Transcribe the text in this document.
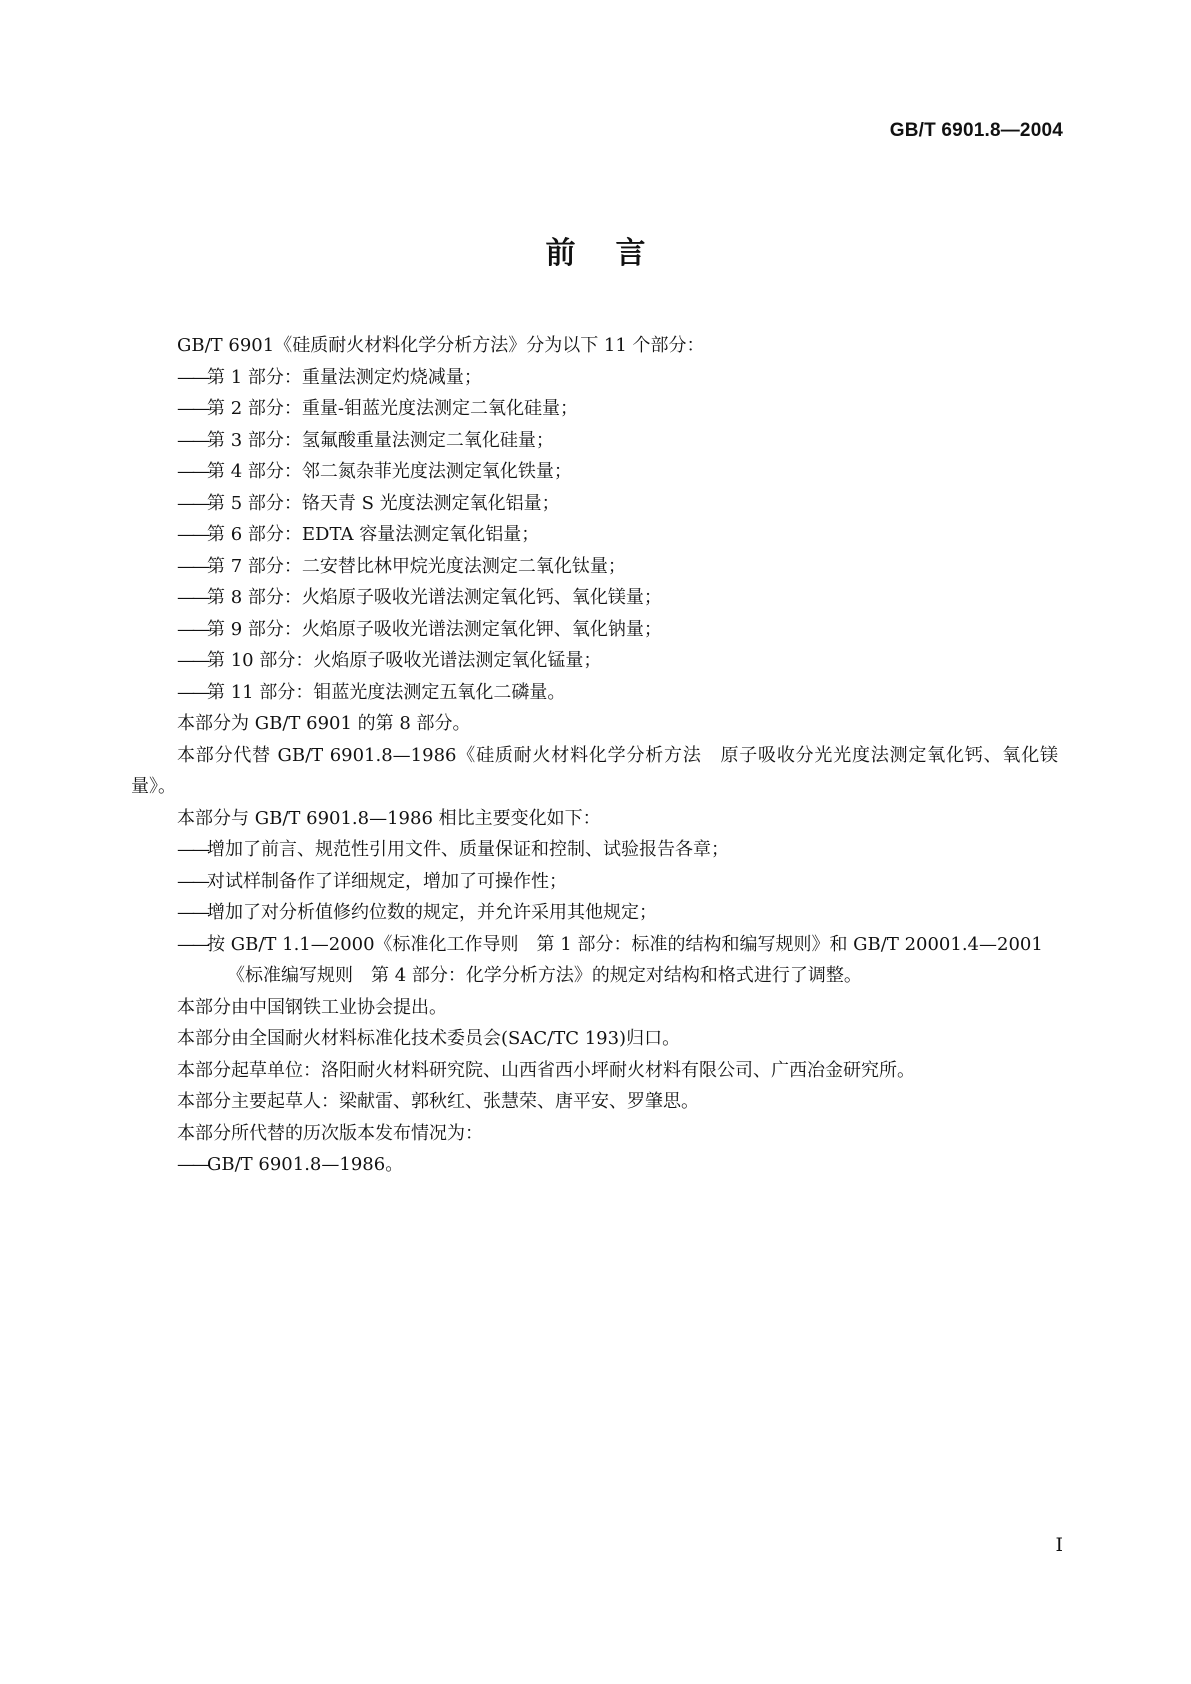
GB/T 6901.8—2004
前言

GB/T 6901《硅质耐火材料化学分析方法》分为以下 11 个部分：

——第 1 部分：重量法测定灼烧减量；

——第 2 部分：重量-钼蓝光度法测定二氧化硅量；

——第 3 部分：氢氟酸重量法测定二氧化硅量；

——第 4 部分：邻二氮杂菲光度法测定氧化铁量；

——第 5 部分：铬天青 S 光度法测定氧化铝量；

——第 6 部分：EDTA 容量法测定氧化铝量；

——第 7 部分：二安替比林甲烷光度法测定二氧化钛量；

——第 8 部分：火焰原子吸收光谱法测定氧化钙、氧化镁量；

——第 9 部分：火焰原子吸收光谱法测定氧化钾、氧化钠量；

——第 10 部分：火焰原子吸收光谱法测定氧化锰量；

——第 11 部分：钼蓝光度法测定五氧化二磷量。

本部分为 GB/T 6901 的第 8 部分。

本部分代替 GB/T 6901.8—1986《硅质耐火材料化学分析方法　原子吸收分光光度法测定氧化钙、氧化镁量》。

本部分与 GB/T 6901.8—1986 相比主要变化如下：

——增加了前言、规范性引用文件、质量保证和控制、试验报告各章；

——对试样制备作了详细规定，增加了可操作性；

——增加了对分析值修约位数的规定，并允许采用其他规定；

——按 GB/T 1.1—2000《标准化工作导则　第 1 部分：标准的结构和编写规则》和 GB/T 20001.4—2001《标准编写规则　第 4 部分：化学分析方法》的规定对结构和格式进行了调整。

本部分由中国钢铁工业协会提出。

本部分由全国耐火材料标准化技术委员会(SAC/TC 193)归口。

本部分起草单位：洛阳耐火材料研究院、山西省西小坪耐火材料有限公司、广西冶金研究所。

本部分主要起草人：梁献雷、郭秋红、张慧荣、唐平安、罗肇思。

本部分所代替的历次版本发布情况为：

——GB/T 6901.8—1986。

I
